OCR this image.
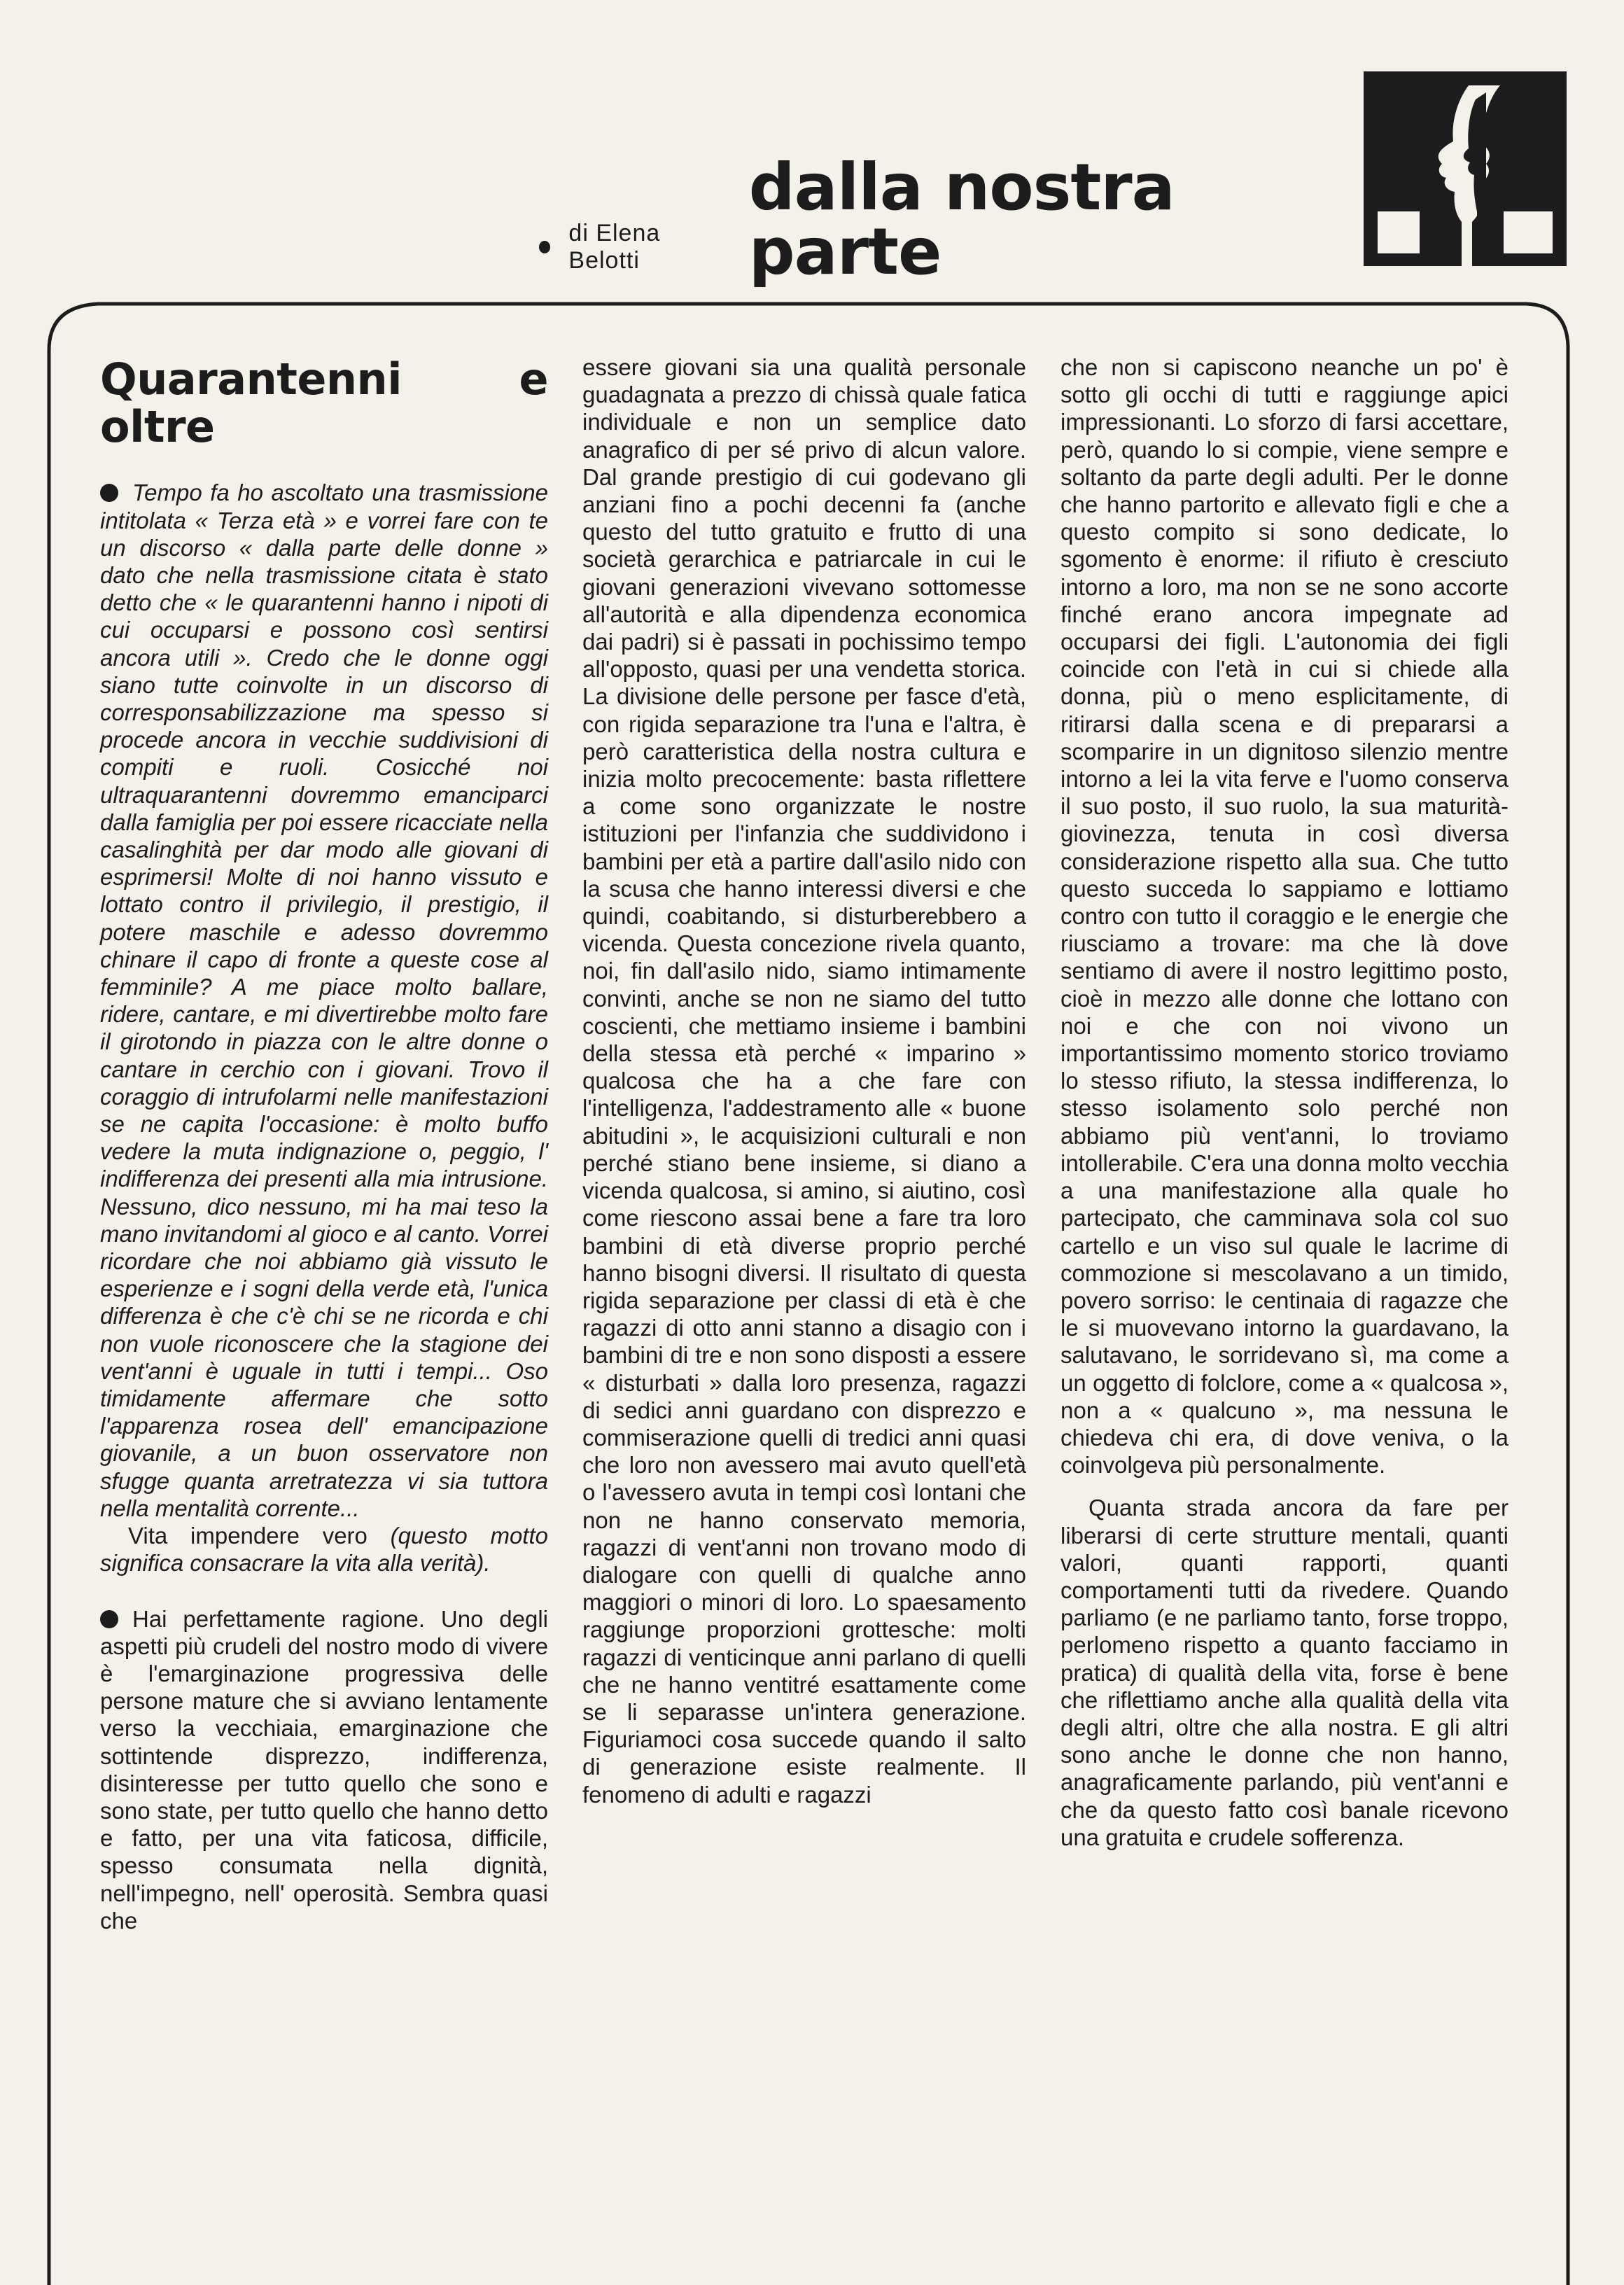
di Elena Belotti
dalla nostra parte
Quarantenni e oltre

Tempo fa ho ascoltato una trasmissione intitolata « Terza età » e vorrei fare con te un discorso « dalla parte delle donne » dato che nella trasmissione citata è stato detto che « le quarantenni hanno i nipoti di cui occuparsi e possono così sentirsi ancora utili ». Credo che le donne oggi siano tutte coinvolte in un discorso di corresponsabilizzazione ma spesso si procede ancora in vecchie suddivisioni di compiti e ruoli. Cosicché noi ultraquarantenni dovremmo emanciparci dalla famiglia per poi essere ricacciate nella casalinghità per dar modo alle giovani di esprimersi! Molte di noi hanno vissuto e lottato contro il privilegio, il prestigio, il potere maschile e adesso dovremmo chinare il capo di fronte a queste cose al femminile? A me piace molto ballare, ridere, cantare, e mi divertirebbe molto fare il girotondo in piazza con le altre donne o cantare in cerchio con i giovani. Trovo il coraggio di intrufolarmi nelle manifestazioni se ne capita l'occasione: è molto buffo vedere la muta indignazione o, peggio, l' indifferenza dei presenti alla mia intrusione. Nessuno, dico nessuno, mi ha mai teso la mano invitandomi al gioco e al canto. Vorrei ricordare che noi abbiamo già vissuto le esperienze e i sogni della verde età, l'unica differenza è che c'è chi se ne ricorda e chi non vuole riconoscere che la stagione dei vent'anni è uguale in tutti i tempi... Oso timidamente affermare che sotto l'apparenza rosea dell' emancipazione giovanile, a un buon osservatore non sfugge quanta arretratezza vi sia tuttora nella mentalità corrente...

Vita impendere vero (questo motto significa consacrare la vita alla verità).

Hai perfettamente ragione. Uno degli aspetti più crudeli del nostro modo di vivere è l'emarginazione progressiva delle persone mature che si avviano lentamente verso la vecchiaia, emarginazione che sottintende disprezzo, indifferenza, disinteresse per tutto quello che sono e sono state, per tutto quello che hanno detto e fatto, per una vita faticosa, difficile, spesso consumata nella dignità, nell'impegno, nell' operosità. Sembra quasi che

essere giovani sia una qualità personale guadagnata a prezzo di chissà quale fatica individuale e non un semplice dato anagrafico di per sé privo di alcun valore. Dal grande prestigio di cui godevano gli anziani fino a pochi decenni fa (anche questo del tutto gratuito e frutto di una società gerarchica e patriarcale in cui le giovani generazioni vivevano sottomesse all'autorità e alla dipendenza economica dai padri) si è passati in pochissimo tempo all'opposto, quasi per una vendetta storica. La divisione delle persone per fasce d'età, con rigida separazione tra l'una e l'altra, è però caratteristica della nostra cultura e inizia molto precocemente: basta riflettere a come sono organizzate le nostre istituzioni per l'infanzia che suddividono i bambini per età a partire dall'asilo nido con la scusa che hanno interessi diversi e che quindi, coabitando, si disturberebbero a vicenda. Questa concezione rivela quanto, noi, fin dall'asilo nido, siamo intimamente convinti, anche se non ne siamo del tutto coscienti, che mettiamo insieme i bambini della stessa età perché « imparino » qualcosa che ha a che fare con l'intelligenza, l'addestramento alle « buone abitudini », le acquisizioni culturali e non perché stiano bene insieme, si diano a vicenda qualcosa, si amino, si aiutino, così come riescono assai bene a fare tra loro bambini di età diverse proprio perché hanno bisogni diversi. Il risultato di questa rigida separazione per classi di età è che ragazzi di otto anni stanno a disagio con i bambini di tre e non sono disposti a essere « disturbati » dalla loro presenza, ragazzi di sedici anni guardano con disprezzo e commiserazione quelli di tredici anni quasi che loro non avessero mai avuto quell'età o l'avessero avuta in tempi così lontani che non ne hanno conservato memoria, ragazzi di vent'anni non trovano modo di dialogare con quelli di qualche anno maggiori o minori di loro. Lo spaesamento raggiunge proporzioni grottesche: molti ragazzi di venticinque anni parlano di quelli che ne hanno ventitré esattamente come se li separasse un'intera generazione. Figuriamoci cosa succede quando il salto di generazione esiste realmente. Il fenomeno di adulti e ragazzi

che non si capiscono neanche un po' è sotto gli occhi di tutti e raggiunge apici impressionanti. Lo sforzo di farsi accettare, però, quando lo si compie, viene sempre e soltanto da parte degli adulti. Per le donne che hanno partorito e allevato figli e che a questo compito si sono dedicate, lo sgomento è enorme: il rifiuto è cresciuto intorno a loro, ma non se ne sono accorte finché erano ancora impegnate ad occuparsi dei figli. L'autonomia dei figli coincide con l'età in cui si chiede alla donna, più o meno esplicitamente, di ritirarsi dalla scena e di prepararsi a scomparire in un dignitoso silenzio mentre intorno a lei la vita ferve e l'uomo conserva il suo posto, il suo ruolo, la sua maturità-giovinezza, tenuta in così diversa considerazione rispetto alla sua. Che tutto questo succeda lo sappiamo e lottiamo contro con tutto il coraggio e le energie che riusciamo a trovare: ma che là dove sentiamo di avere il nostro legittimo posto, cioè in mezzo alle donne che lottano con noi e che con noi vivono un importantissimo momento storico troviamo lo stesso rifiuto, la stessa indifferenza, lo stesso isolamento solo perché non abbiamo più vent'anni, lo troviamo intollerabile. C'era una donna molto vecchia a una manifestazione alla quale ho partecipato, che camminava sola col suo cartello e un viso sul quale le lacrime di commozione si mescolavano a un timido, povero sorriso: le centinaia di ragazze che le si muovevano intorno la guardavano, la salutavano, le sorridevano sì, ma come a un oggetto di folclore, come a « qualcosa », non a « qualcuno », ma nessuna le chiedeva chi era, di dove veniva, o la coinvolgeva più personalmente.

Quanta strada ancora da fare per liberarsi di certe strutture mentali, quanti valori, quanti rapporti, quanti comportamenti tutti da rivedere. Quando parliamo (e ne parliamo tanto, forse troppo, perlomeno rispetto a quanto facciamo in pratica) di qualità della vita, forse è bene che riflettiamo anche alla qualità della vita degli altri, oltre che alla nostra. E gli altri sono anche le donne che non hanno, anagraficamente parlando, più vent'anni e che da questo fatto così banale ricevono una gratuita e crudele sofferenza.
